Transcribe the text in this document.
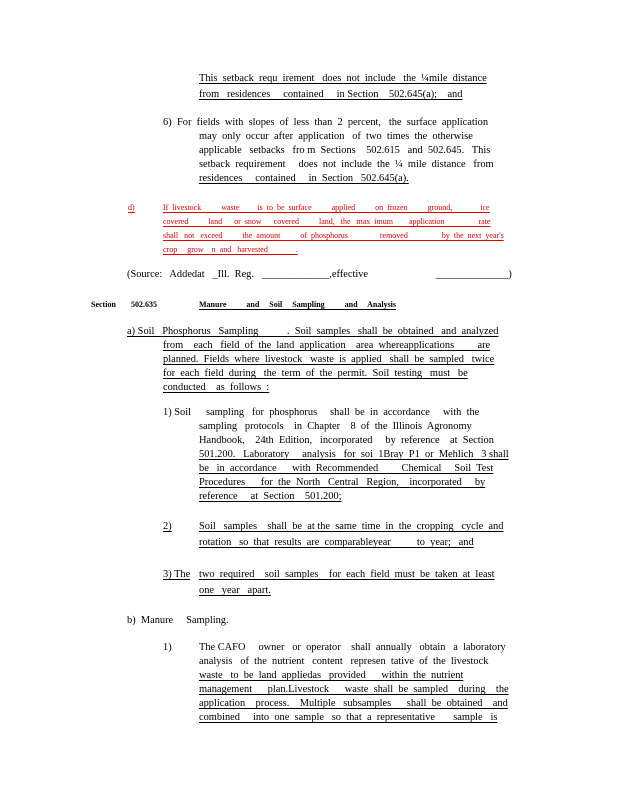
This  setback  requ  irement   does  not  include   the  ¼mile  distance
from   residences     contained     in Section    502.645(a);    and
6) For  fields  with  slopes  of  less  than  2  percent,   the  surface  application
may  only  occur  after  application   of  two  times  the  otherwise
applicable   setbacks   fro m  Sections    502.615   and  502.645.   This
setback  requirement     does  not  include  the  ¼  mile  distance   from
residences     contained     in  Section   502.645(a).
d)	If  livestock          waste         is  to  be  surface          applied          on  frozen          ground,              ice
covered          land      or  snow      covered          land,   the   max  imum        application                 rate
shall   not   exceed          the  amount          of  phosphorus                removed                 by  the  next  year's
crop     grow    n  and   harvested              .
(Source:   Addedat   _Ill.  Reg.   _____________,effective                          ______________)
Section 502.635	Manure          and     Soil     Sampling          and     Analysis
a) Soil   Phosphorus   Sampling           .  Soil  samples   shall  be  obtained   and  analyzed
from    each   field  of  the  land  application    area  whereapplications         are
planned.  Fields  where  livestock   waste  is  applied   shall  be  sampled   twice
for  each  field  during   the  term  of  the  permit.  Soil  testing   must   be
conducted    as  follows  :
1) Soil sampling   for  phosphorus     shall  be  in  accordance     with  the
sampling   protocols    in  Chapter    8  of  the  Illinois  Agronomy
Handbook,    24th  Edition,   incorporated     by  reference    at  Section
501.200.   Laboratory     analysis   for  soi  1Bray  P1  or  Mehlich   3 shall
be   in  accordance      with  Recommended         Chemical     Soil  Test
Procedures      for  the  North   Central   Region,    incorporated     by
reference     at  Section    501.200;
2)	Soil   samples    shall  be  at the  same  time  in  the  cropping   cycle  and
rotation   so  that  results  are  comparableyear          to  year;   and
3) The two  required    soil  samples    for  each  field  must  be  taken  at  least
one   year   apart.
b)  Manure     Sampling.
1)	The CAFO     owner   or  operator    shall  annually   obtain   a  laboratory
analysis   of  the  nutrient   content   represen  tative  of  the  livestock
waste   to  be  land  appliedas   provided      within  the  nutrient
management      plan.Livestock      waste  shall  be  sampled    during    the
application    process.    Multiple   subsamples      shall  be  obtained    and
combined     into  one  sample   so  that  a  representative       sample   is
